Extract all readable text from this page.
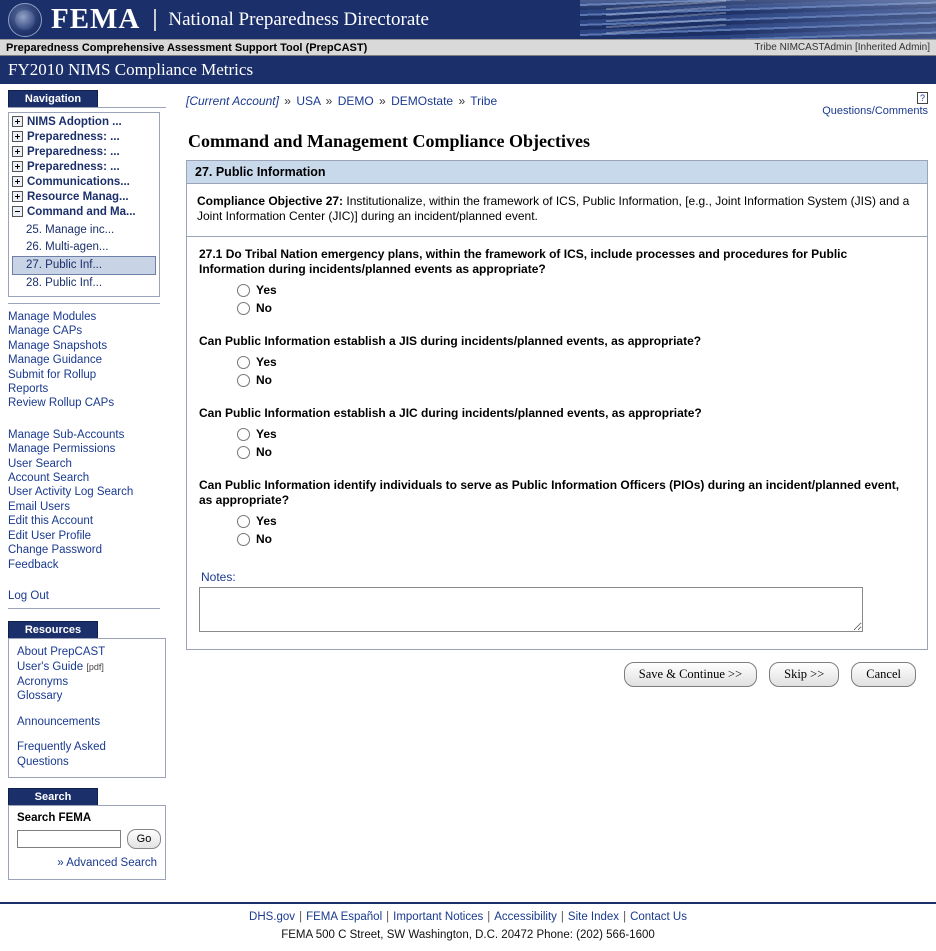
FEMA	National Preparedness Directorate
Preparedness Comprehensive Assessment Support Tool (PrepCAST)	Tribe NIMCASTAdmin [Inherited Admin]
FY2010 NIMS Compliance Metrics
Navigation
NIMS Adoption ...
Preparedness: ...
Preparedness: ...
Preparedness: ...
Communications...
Resource Manag...
Command and Ma...
25. Manage inc...
26. Multi-agen...
27. Public Inf...
28. Public Inf...
Manage Modules
Manage CAPs
Manage Snapshots
Manage Guidance
Submit for Rollup
Reports
Review Rollup CAPs
Manage Sub-Accounts
Manage Permissions
User Search
Account Search
User Activity Log Search
Email Users
Edit this Account
Edit User Profile
Change Password
Feedback
Log Out
Resources
About PrepCAST
User's Guide [pdf]
Acronyms
Glossary
Announcements
Frequently Asked Questions
Search
Search FEMA
Go
» Advanced Search
[Current Account] » USA » DEMO » DEMOstate » Tribe	?
Questions/Comments
Command and Management Compliance Objectives
27. Public Information
Compliance Objective 27: Institutionalize, within the framework of ICS, Public Information, [e.g., Joint Information System (JIS) and a Joint Information Center (JIC)] during an incident/planned event.
27.1 Do Tribal Nation emergency plans, within the framework of ICS, include processes and procedures for Public Information during incidents/planned events as appropriate?
Yes
No
Can Public Information establish a JIS during incidents/planned events, as appropriate?
Yes
No
Can Public Information establish a JIC during incidents/planned events, as appropriate?
Yes
No
Can Public Information identify individuals to serve as Public Information Officers (PIOs) during an incident/planned event, as appropriate?
Yes
No
Notes:
Save & Continue >>	Skip >>	Cancel
DHS.gov | FEMA Español | Important Notices | Accessibility | Site Index | Contact Us
FEMA 500 C Street, SW Washington, D.C. 20472 Phone: (202) 566-1600
